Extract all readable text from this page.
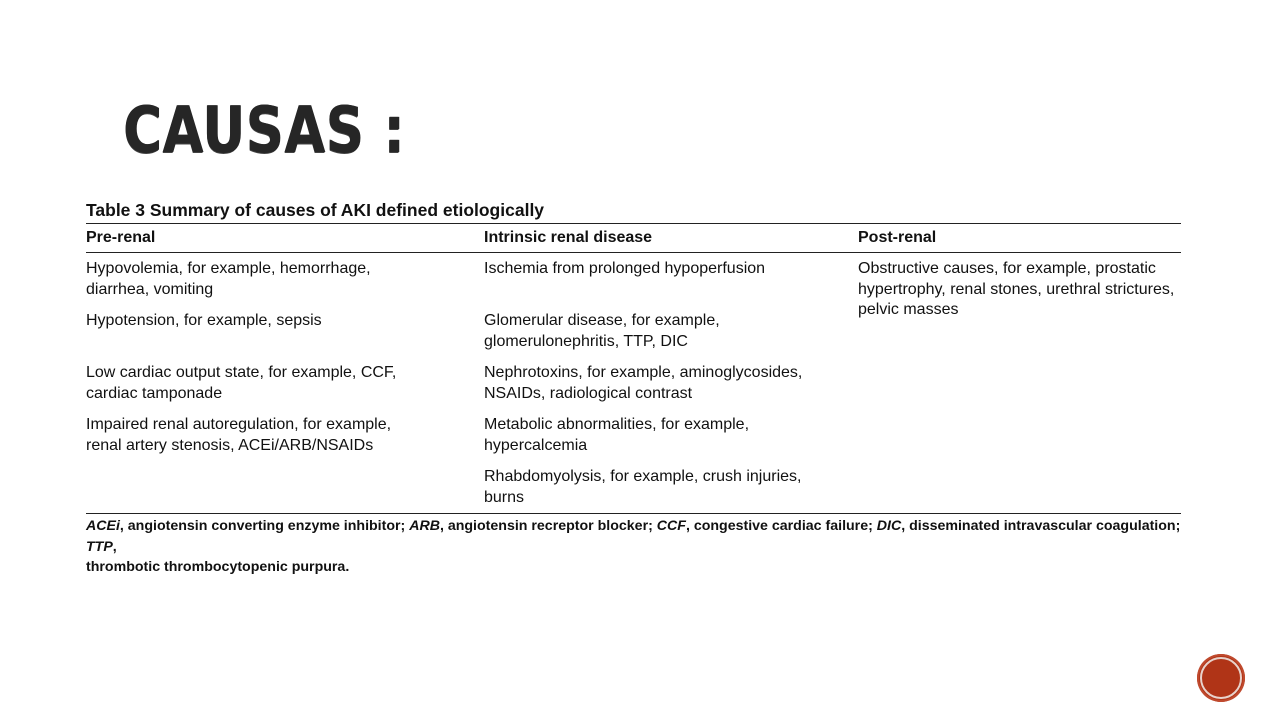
CAUSAS :
Table 3 Summary of causes of AKI defined etiologically
Pre-renal	Intrinsic renal disease	Post-renal
Hypovolemia, for example, hemorrhage,
diarrhea, vomiting
Hypotension, for example, sepsis
Low cardiac output state, for example, CCF,
cardiac tamponade
Impaired renal autoregulation, for example,
renal artery stenosis, ACEi/ARB/NSAIDs
Ischemia from prolonged hypoperfusion
Glomerular disease, for example,
glomerulonephritis, TTP, DIC
Nephrotoxins, for example, aminoglycosides,
NSAIDs, radiological contrast
Metabolic abnormalities, for example,
hypercalcemia
Rhabdomyolysis, for example, crush injuries,
burns
Obstructive causes, for example, prostatic
hypertrophy, renal stones, urethral strictures,
pelvic masses
ACEi, angiotensin converting enzyme inhibitor; ARB, angiotensin recreptor blocker; CCF, congestive cardiac failure; DIC, disseminated intravascular coagulation; TTP,
thrombotic thrombocytopenic purpura.
